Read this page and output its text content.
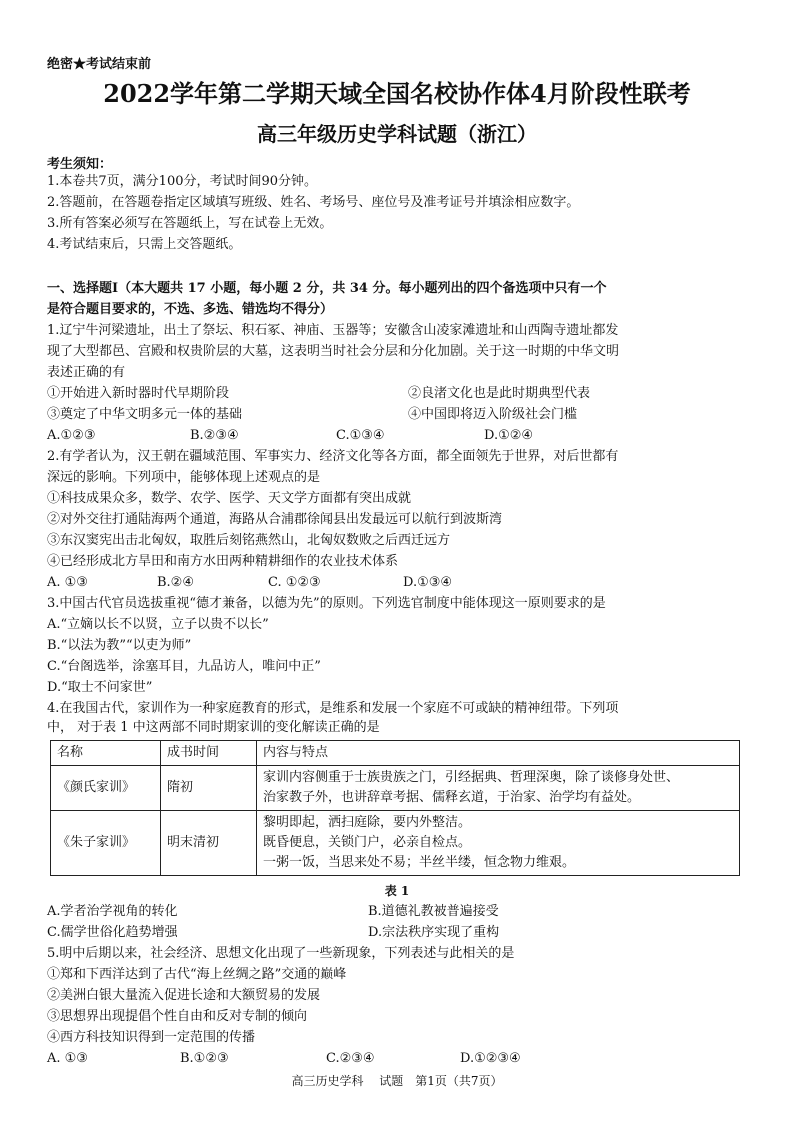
绝密★考试结束前
2022学年第二学期天域全国名校协作体4月阶段性联考
高三年级历史学科试题（浙江）
考生须知：
1.本卷共7页，满分100分，考试时间90分钟。
2.答题前，在答题卷指定区域填写班级、姓名、考场号、座位号及准考证号并填涂相应数字。
3.所有答案必须写在答题纸上，写在试卷上无效。
4.考试结束后，只需上交答题纸。
一、选择题Ⅰ（本大题共 17 小题，每小题 2 分，共 34 分。每小题列出的四个备选项中只有一个
是符合题目要求的，不选、多选、错选均不得分）
1.辽宁牛河梁遗址，出土了祭坛、积石冢、神庙、玉器等；安徽含山凌家滩遗址和山西陶寺遗址都发
现了大型都邑、宫殿和权贵阶层的大墓，这表明当时社会分层和分化加剧。关于这一时期的中华文明
表述正确的有
①开始进入新时器时代早期阶段	②良渚文化也是此时期典型代表
③奠定了中华文明多元一体的基础	④中国即将迈入阶级社会门槛
A.①②③	B.②③④	C.①③④	D.①②④
2.有学者认为，汉王朝在疆域范围、军事实力、经济文化等各方面，都全面领先于世界，对后世都有
深远的影响。下列项中，能够体现上述观点的是
①科技成果众多，数学、农学、医学、天文学方面都有突出成就
②对外交往打通陆海两个通道，海路从合浦郡徐闻县出发最远可以航行到波斯湾
③东汉窦宪出击北匈奴，取胜后刻铭燕然山，北匈奴数败之后西迁远方
④已经形成北方旱田和南方水田两种精耕细作的农业技术体系
A. ①③	B.②④	C. ①②③	D.①③④
3.中国古代官员选拔重视“德才兼备，以德为先”的原则。下列选官制度中能体现这一原则要求的是
A.“立嫡以长不以贤，立子以贵不以长”
B.“以法为教”“以吏为师”
C.“台阁选举，涂塞耳目，九品访人，唯问中正”
D.“取士不问家世”
4.在我国古代，家训作为一种家庭教育的形式，是维系和发展一个家庭不可或缺的精神纽带。下列项
中， 对于表 1 中这两部不同时期家训的变化解读正确的是
名称	成书时间	内容与特点
《颜氏家训》	隋初	家训内容侧重于士族贵族之门，引经据典、哲理深奥，除了谈修身处世、
治家教子外，也讲辞章考据、儒释玄道，于治家、治学均有益处。

《朱子家训》	明末清初	黎明即起，洒扫庭除，要内外整洁。
既昏便息，关锁门户，必亲自检点。
一粥一饭，当思来处不易；半丝半缕，恒念物力维艰。
表 1
A.学者治学视角的转化	B.道德礼教被普遍接受
C.儒学世俗化趋势增强	D.宗法秩序实现了重构
5.明中后期以来，社会经济、思想文化出现了一些新现象，下列表述与此相关的是
①郑和下西洋达到了古代“海上丝绸之路”交通的巅峰
②美洲白银大量流入促进长途和大额贸易的发展
③思想界出现提倡个性自由和反对专制的倾向
④西方科技知识得到一定范围的传播
A. ①③	B.①②③	C.②③④	D.①②③④
高三历史学科　 试题　第1页（共7页）
